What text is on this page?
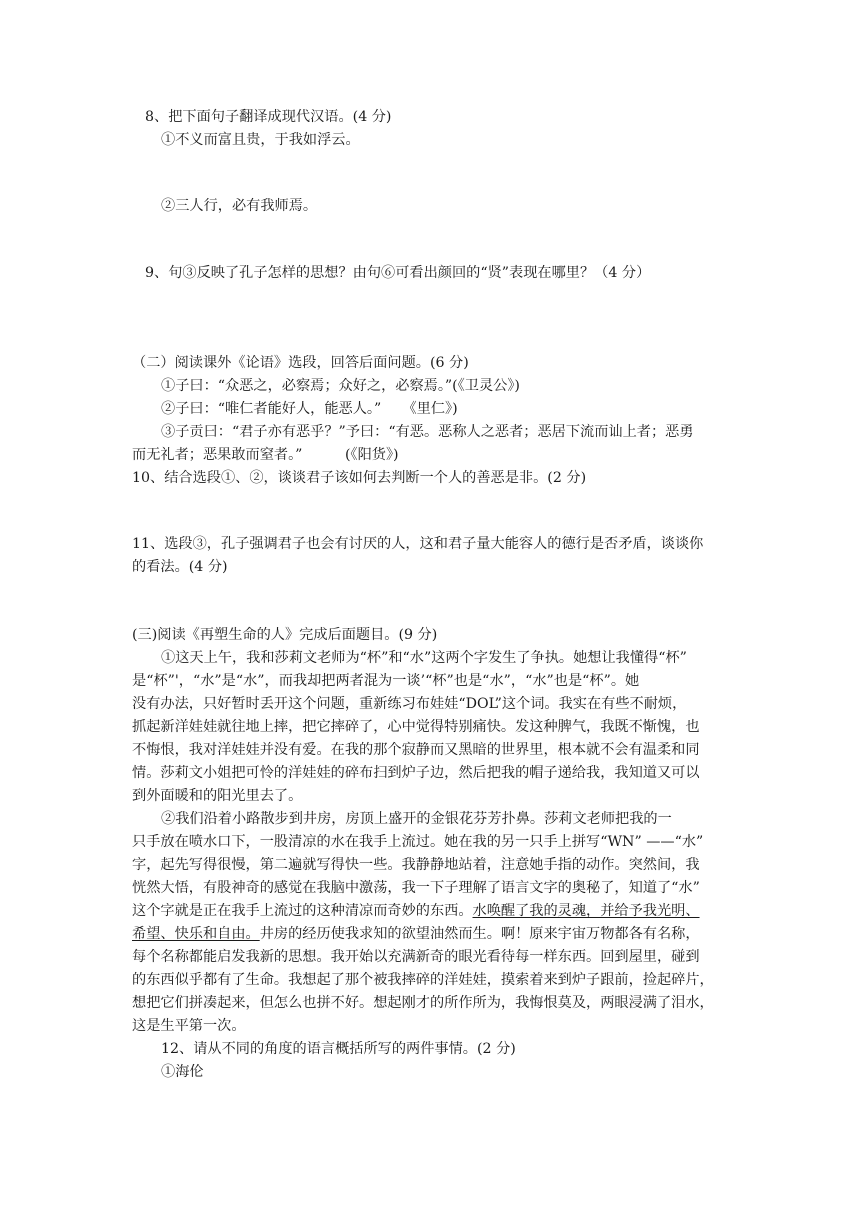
8、把下面句子翻译成现代汉语。(4 分)
①不义而富且贵，于我如浮云。
②三人行，必有我师焉。
9、句③反映了孔子怎样的思想？由句⑥可看出颜回的“贤”表现在哪里？（4 分）
（二）阅读课外《论语》选段，回答后面问题。(6 分)
①子曰：“众恶之，必察焉；众好之，必察焉。”(《卫灵公》)
②子曰：“唯仁者能好人，能恶人。”　　《里仁》)
③子贡曰：“君子亦有恶乎？”予曰：“有恶。恶称人之恶者；恶居下流而讪上者；恶勇
而无礼者；恶果敢而窒者。”　　　(《阳货》)
10、结合选段①、②，谈谈君子该如何去判断一个人的善恶是非。(2 分)
11、选段③，孔子强调君子也会有讨厌的人，这和君子量大能容人的德行是否矛盾，谈谈你
的看法。(4 分)
(三)阅读《再塑生命的人》完成后面题目。(9 分)
①这天上午，我和莎莉文老师为“杯”和“水”这两个字发生了争执。她想让我懂得“杯”
是“杯”'，“水”是“水”，而我却把两者混为一谈’“杯”也是“水”，“水”也是“杯”。她
没有办法，只好暂时丢开这个问题，重新练习布娃娃“DOL”这个词。我实在有些不耐烦，
抓起新洋娃娃就往地上摔，把它摔碎了，心中觉得特别痛快。发这种脾气，我既不惭愧，也
不悔恨，我对洋娃娃并没有爱。在我的那个寂静而又黑暗的世界里，根本就不会有温柔和同
情。莎莉文小姐把可怜的洋娃娃的碎布扫到炉子边，然后把我的帽子递给我，我知道又可以
到外面暖和的阳光里去了。
②我们沿着小路散步到井房，房顶上盛开的金银花芬芳扑鼻。莎莉文老师把我的一
只手放在喷水口下，一股清凉的水在我手上流过。她在我的另一只手上拼写“WN” ——“水”
字，起先写得很慢，第二遍就写得快一些。我静静地站着，注意她手指的动作。突然间，我
恍然大悟，有股神奇的感觉在我脑中激荡，我一下子理解了语言文字的奥秘了，知道了“水”
这个字就是正在我手上流过的这种清凉而奇妙的东西。水唤醒了我的灵魂，并给予我光明、
希望、快乐和自由。井房的经历使我求知的欲望油然而生。啊！原来宇宙万物都各有名称，
每个名称都能启发我新的思想。我开始以充满新奇的眼光看待每一样东西。回到屋里，碰到
的东西似乎都有了生命。我想起了那个被我摔碎的洋娃娃，摸索着来到炉子跟前，捡起碎片，
想把它们拼凑起来，但怎么也拼不好。想起刚才的所作所为，我悔恨莫及，两眼浸满了泪水，
这是生平第一次。
12、请从不同的角度的语言概括所写的两件事情。(2 分)
①海伦
